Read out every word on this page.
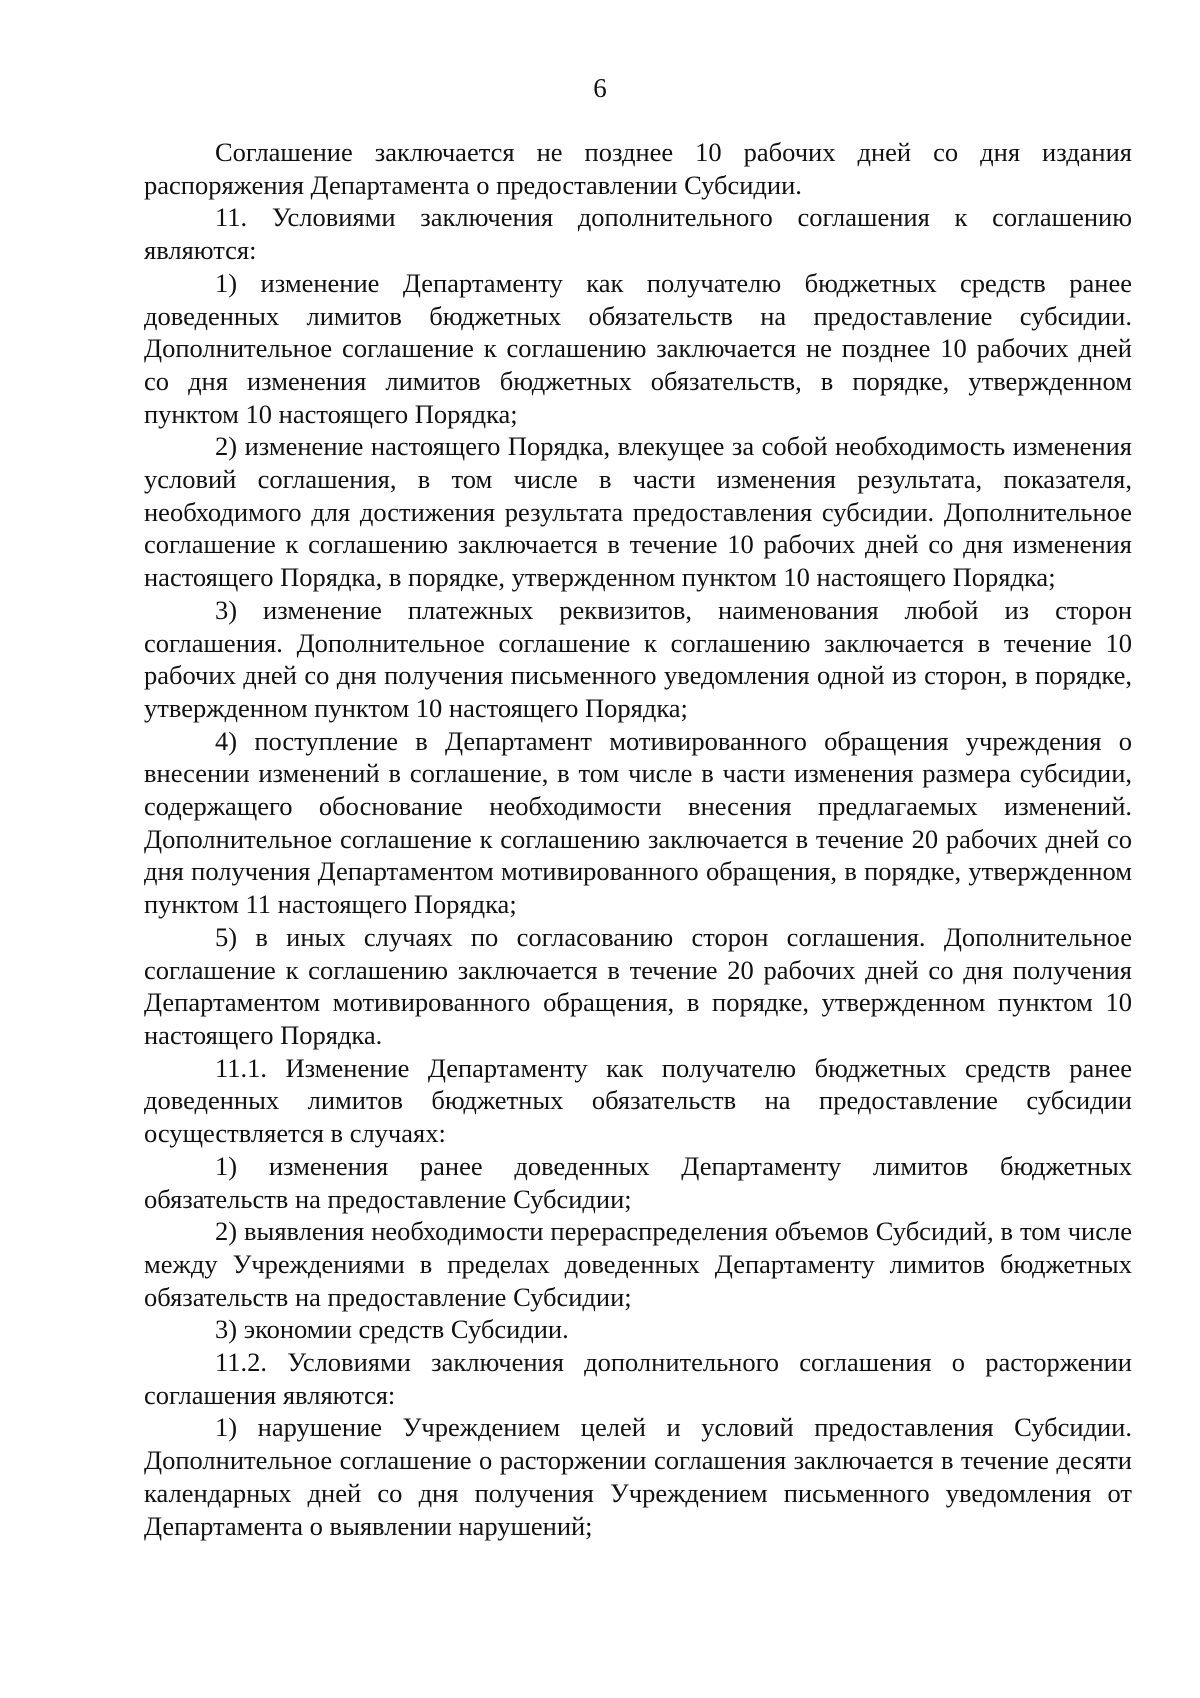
6

Соглашение заключается не позднее 10 рабочих дней со дня издания распоряжения Департамента о предоставлении Субсидии.

11. Условиями заключения дополнительного соглашения к соглашению являются:

1) изменение Департаменту как получателю бюджетных средств ранее доведенных лимитов бюджетных обязательств на предоставление субсидии. Дополнительное соглашение к соглашению заключается не позднее 10 рабочих дней со дня изменения лимитов бюджетных обязательств, в порядке, утвержденном пунктом 10 настоящего Порядка;

2) изменение настоящего Порядка, влекущее за собой необходимость изменения условий соглашения, в том числе в части изменения результата, показателя, необходимого для достижения результата предоставления субсидии. Дополнительное соглашение к соглашению заключается в течение 10 рабочих дней со дня изменения настоящего Порядка, в порядке, утвержденном пунктом 10 настоящего Порядка;

3) изменение платежных реквизитов, наименования любой из сторон соглашения. Дополнительное соглашение к соглашению заключается в течение 10 рабочих дней со дня получения письменного уведомления одной из сторон, в порядке, утвержденном пунктом 10 настоящего Порядка;

4) поступление в Департамент мотивированного обращения учреждения о внесении изменений в соглашение, в том числе в части изменения размера субсидии, содержащего обоснование необходимости внесения предлагаемых изменений. Дополнительное соглашение к соглашению заключается в течение 20 рабочих дней со дня получения Департаментом мотивированного обращения, в порядке, утвержденном пунктом 11 настоящего Порядка;

5) в иных случаях по согласованию сторон соглашения. Дополнительное соглашение к соглашению заключается в течение 20 рабочих дней со дня получения Департаментом мотивированного обращения, в порядке, утвержденном пунктом 10 настоящего Порядка.

11.1. Изменение Департаменту как получателю бюджетных средств ранее доведенных лимитов бюджетных обязательств на предоставление субсидии осуществляется в случаях:

1) изменения ранее доведенных Департаменту лимитов бюджетных обязательств на предоставление Субсидии;

2) выявления необходимости перераспределения объемов Субсидий, в том числе между Учреждениями в пределах доведенных Департаменту лимитов бюджетных обязательств на предоставление Субсидии;

3) экономии средств Субсидии.

11.2. Условиями заключения дополнительного соглашения о расторжении соглашения являются:

1) нарушение Учреждением целей и условий предоставления Субсидии. Дополнительное соглашение о расторжении соглашения заключается в течение десяти календарных дней со дня получения Учреждением письменного уведомления от Департамента о выявлении нарушений;
